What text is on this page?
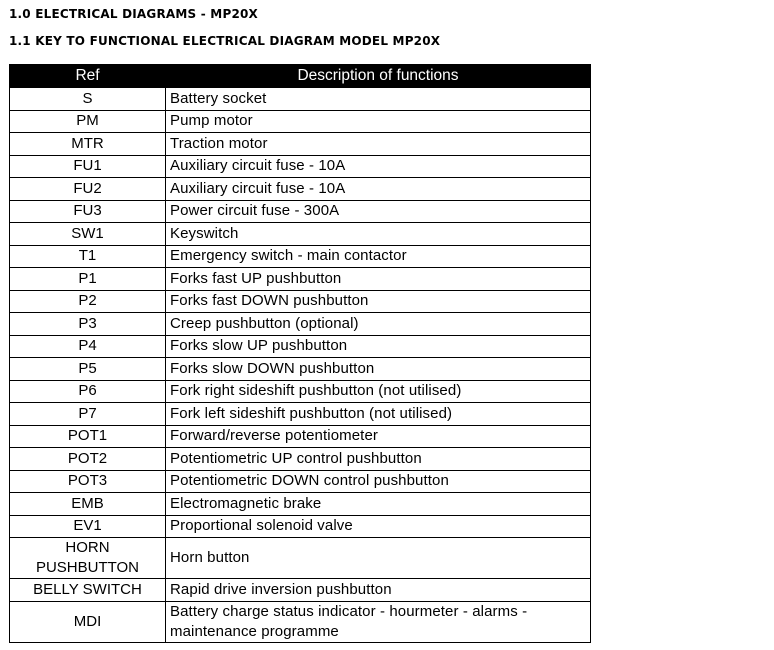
1.0 ELECTRICAL DIAGRAMS - MP20X
1.1 KEY TO FUNCTIONAL ELECTRICAL DIAGRAM MODEL MP20X
Ref	Description of functions
S	Battery socket
PM	Pump motor
MTR	Traction motor
FU1	Auxiliary circuit fuse - 10A
FU2	Auxiliary circuit fuse - 10A
FU3	Power circuit fuse - 300A
SW1	Keyswitch
T1	Emergency switch - main contactor
P1	Forks fast UP pushbutton
P2	Forks fast DOWN pushbutton
P3	Creep pushbutton (optional)
P4	Forks slow UP pushbutton
P5	Forks slow DOWN pushbutton
P6	Fork right sideshift pushbutton (not utilised)
P7	Fork left sideshift pushbutton (not utilised)
POT1	Forward/reverse potentiometer
POT2	Potentiometric UP control pushbutton
POT3	Potentiometric DOWN control pushbutton
EMB	Electromagnetic brake
EV1	Proportional solenoid valve
HORN PUSHBUTTON	Horn button
BELLY SWITCH	Rapid drive inversion pushbutton
MDI	Battery charge status indicator - hourmeter - alarms - maintenance programme
